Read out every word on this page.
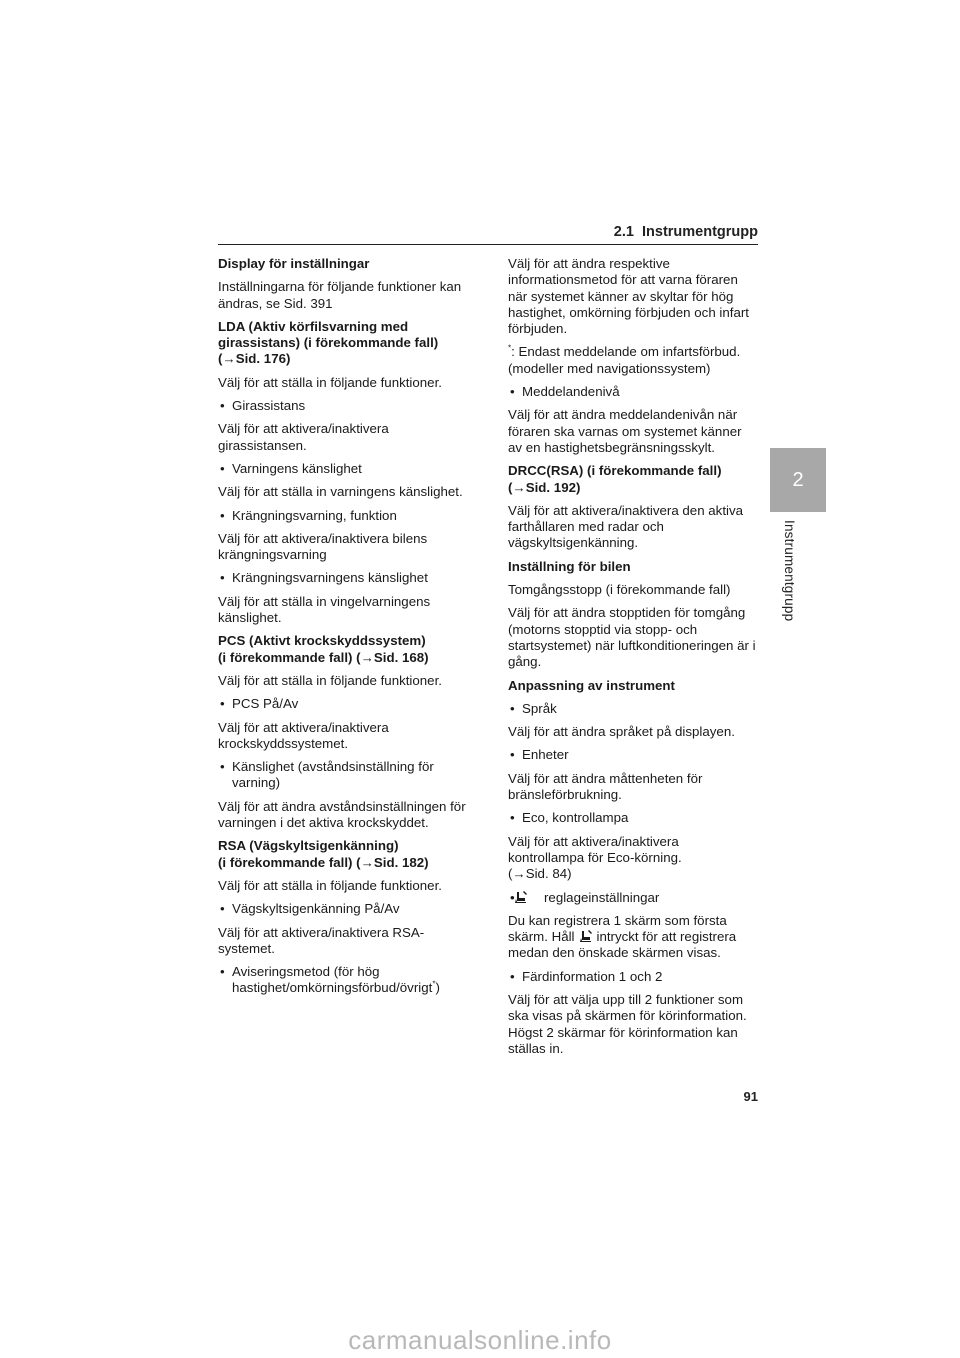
2.1 Instrumentgrupp
Display för inställningar
Inställningarna för följande funktioner kan ändras, se Sid. 391
LDA (Aktiv körfilsvarning med girassistans) (i förekommande fall)
(→Sid. 176)
Välj för att ställa in följande funktioner.
• Girassistans
Välj för att aktivera/inaktivera girassistansen.
• Varningens känslighet
Välj för att ställa in varningens känslighet.
• Krängningsvarning, funktion
Välj för att aktivera/inaktivera bilens krängningsvarning
• Krängningsvarningens känslighet
Välj för att ställa in vingelvarningens känslighet.
PCS (Aktivt krockskyddssystem)
(i förekommande fall) (→Sid. 168)
Välj för att ställa in följande funktioner.
• PCS På/Av
Välj för att aktivera/inaktivera krockskyddssystemet.
• Känslighet (avståndsinställning för varning)
Välj för att ändra avståndsinställningen för varningen i det aktiva krockskyddet.
RSA (Vägskyltsigenkänning)
(i förekommande fall) (→Sid. 182)
Välj för att ställa in följande funktioner.
• Vägskyltsigenkänning På/Av
Välj för att aktivera/inaktivera RSA-systemet.
• Aviseringsmetod (för hög hastighet/omkörningsförbud/övrigt*)
Välj för att ändra respektive informationsmetod för att varna föraren när systemet känner av skyltar för hög hastighet, omkörning förbjuden och infart förbjuden.
*: Endast meddelande om infartsförbud. (modeller med navigationssystem)
• Meddelandenivå
Välj för att ändra meddelandenivån när föraren ska varnas om systemet känner av en hastighetsbegränsningsskylt.
DRCC(RSA) (i förekommande fall)
(→Sid. 192)
Välj för att aktivera/inaktivera den aktiva farthållaren med radar och vägskyltsigenkänning.
Inställning för bilen
Tomgångsstopp (i förekommande fall)
Välj för att ändra stopptiden för tomgång (motorns stopptid via stopp- och startsystemet) när luftkonditioneringen är i gång.
Anpassning av instrument
• Språk
Välj för att ändra språket på displayen.
• Enheter
Välj för att ändra måttenheten för bränsleförbrukning.
• Eco, kontrollampa
Välj för att aktivera/inaktivera kontrollampa för Eco-körning.
(→Sid. 84)
• reglageinställningar
Du kan registrera 1 skärm som första skärm. Håll intryckt för att registrera medan den önskade skärmen visas.
• Färdinformation 1 och 2
Välj för att välja upp till 2 funktioner som ska visas på skärmen för körinformation. Högst 2 skärmar för körinformation kan ställas in.
2
Instrumentgrupp
91
carmanualsonline.info
